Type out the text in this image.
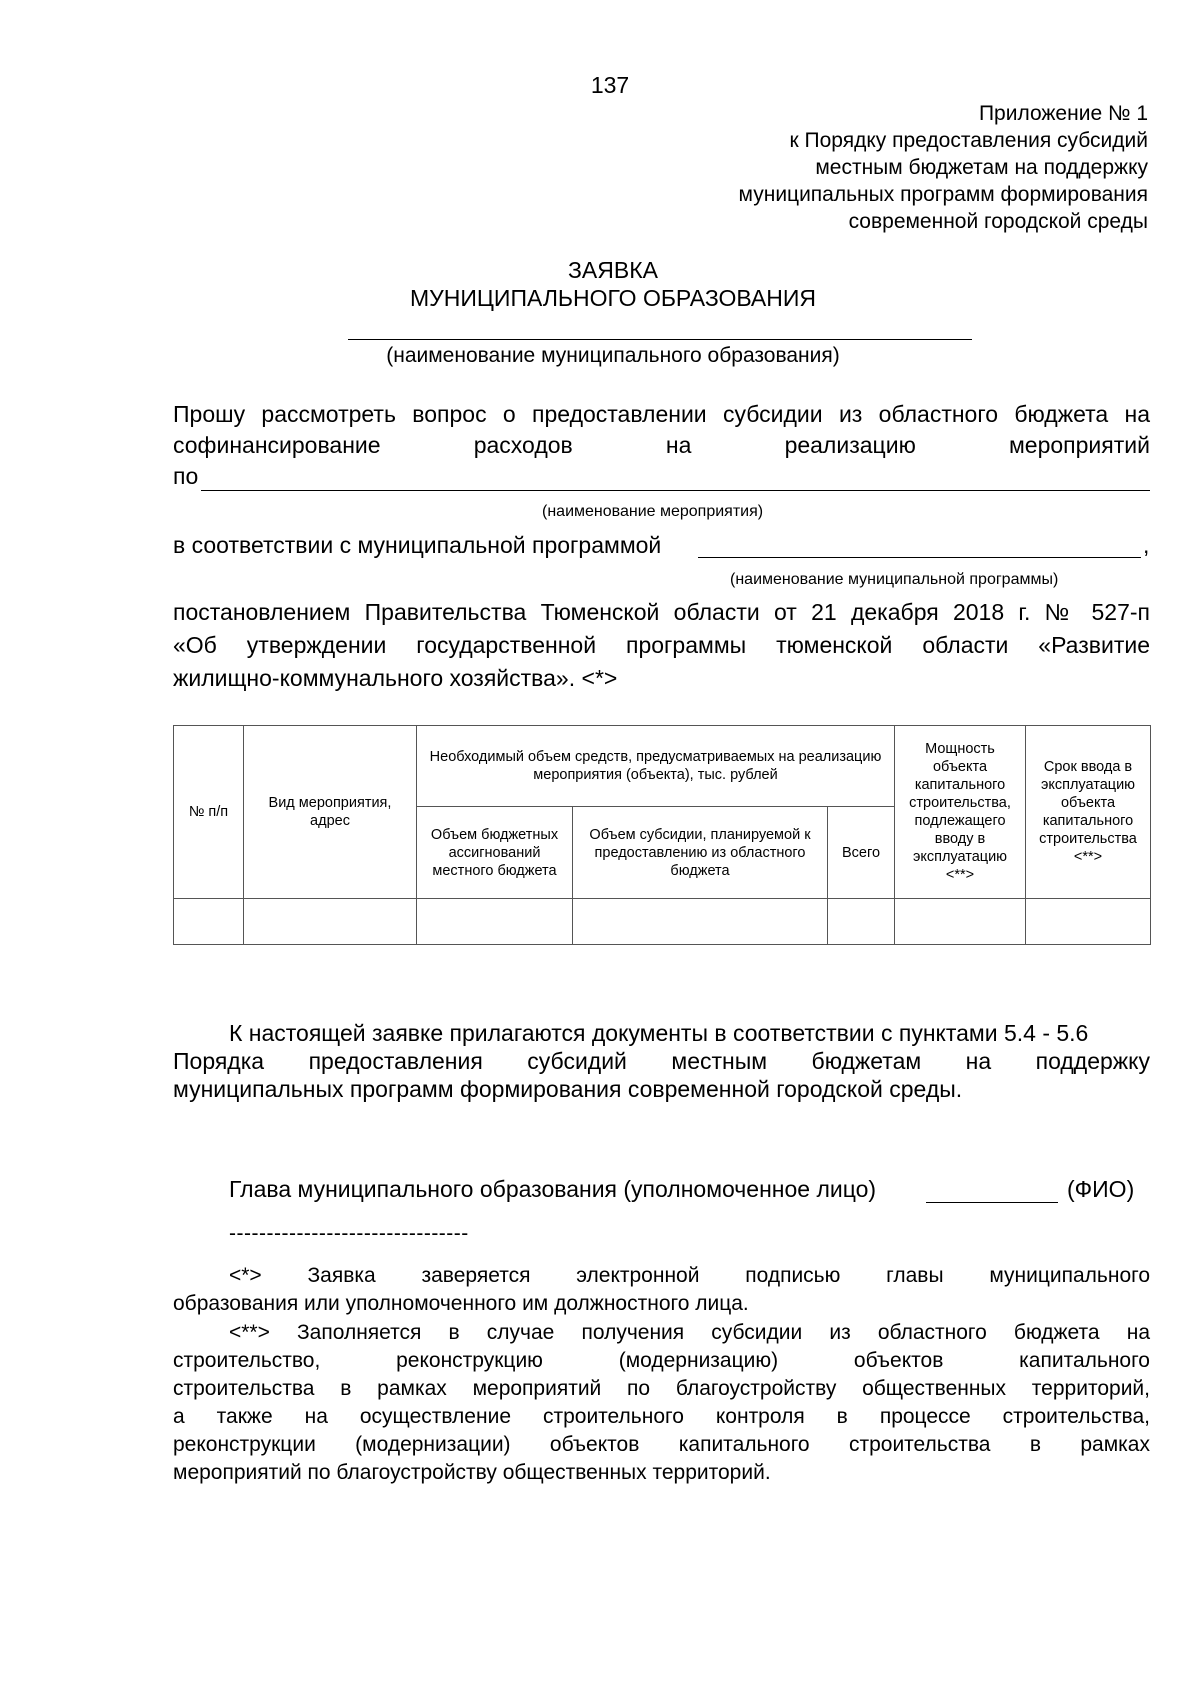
137
Приложение № 1
к Порядку предоставления субсидий
местным бюджетам на поддержку
муниципальных программ формирования
современной городской среды
ЗАЯВКА
МУНИЦИПАЛЬНОГО ОБРАЗОВАНИЯ
(наименование муниципального образования)
Прошу рассмотреть вопрос о предоставлении субсидии из областного бюджета на
софинансирование	расходов	на	реализацию	мероприятий
по
(наименование мероприятия)
в соответствии с муниципальной программой	,
(наименование муниципальной программы)
постановлением Правительства Тюменской области от 21 декабря 2018 г. № 527-п
«Об утверждении государственной программы тюменской области «Развитие
жилищно-коммунального хозяйства». <*>
№ п/п	Вид мероприятия, адрес	Необходимый объем средств, предусматриваемых на реализацию мероприятия (объекта), тыс. рублей			Мощность объекта капитального строительства, подлежащего вводу в эксплуатацию <**>	Срок ввода в эксплуатацию объекта капитального строительства <**>
		Объем бюджетных ассигнований местного бюджета	Объем субсидии, планируемой к предоставлению из областного бюджета	Всего		

К настоящей заявке прилагаются документы в соответствии с пунктами 5.4 - 5.6
Порядка предоставления субсидий местным бюджетам на поддержку
муниципальных программ формирования современной городской среды.
Глава муниципального образования (уполномоченное лицо)	(ФИО)
--------------------------------
<*> Заявка заверяется электронной подписью главы муниципального
образования или уполномоченного им должностного лица.
<**> Заполняется в случае получения субсидии из областного бюджета на
строительство, реконструкцию (модернизацию) объектов капитального
строительства в рамках мероприятий по благоустройству общественных территорий,
а также на осуществление строительного контроля в процессе строительства,
реконструкции (модернизации) объектов капитального строительства в рамках
мероприятий по благоустройству общественных территорий.
